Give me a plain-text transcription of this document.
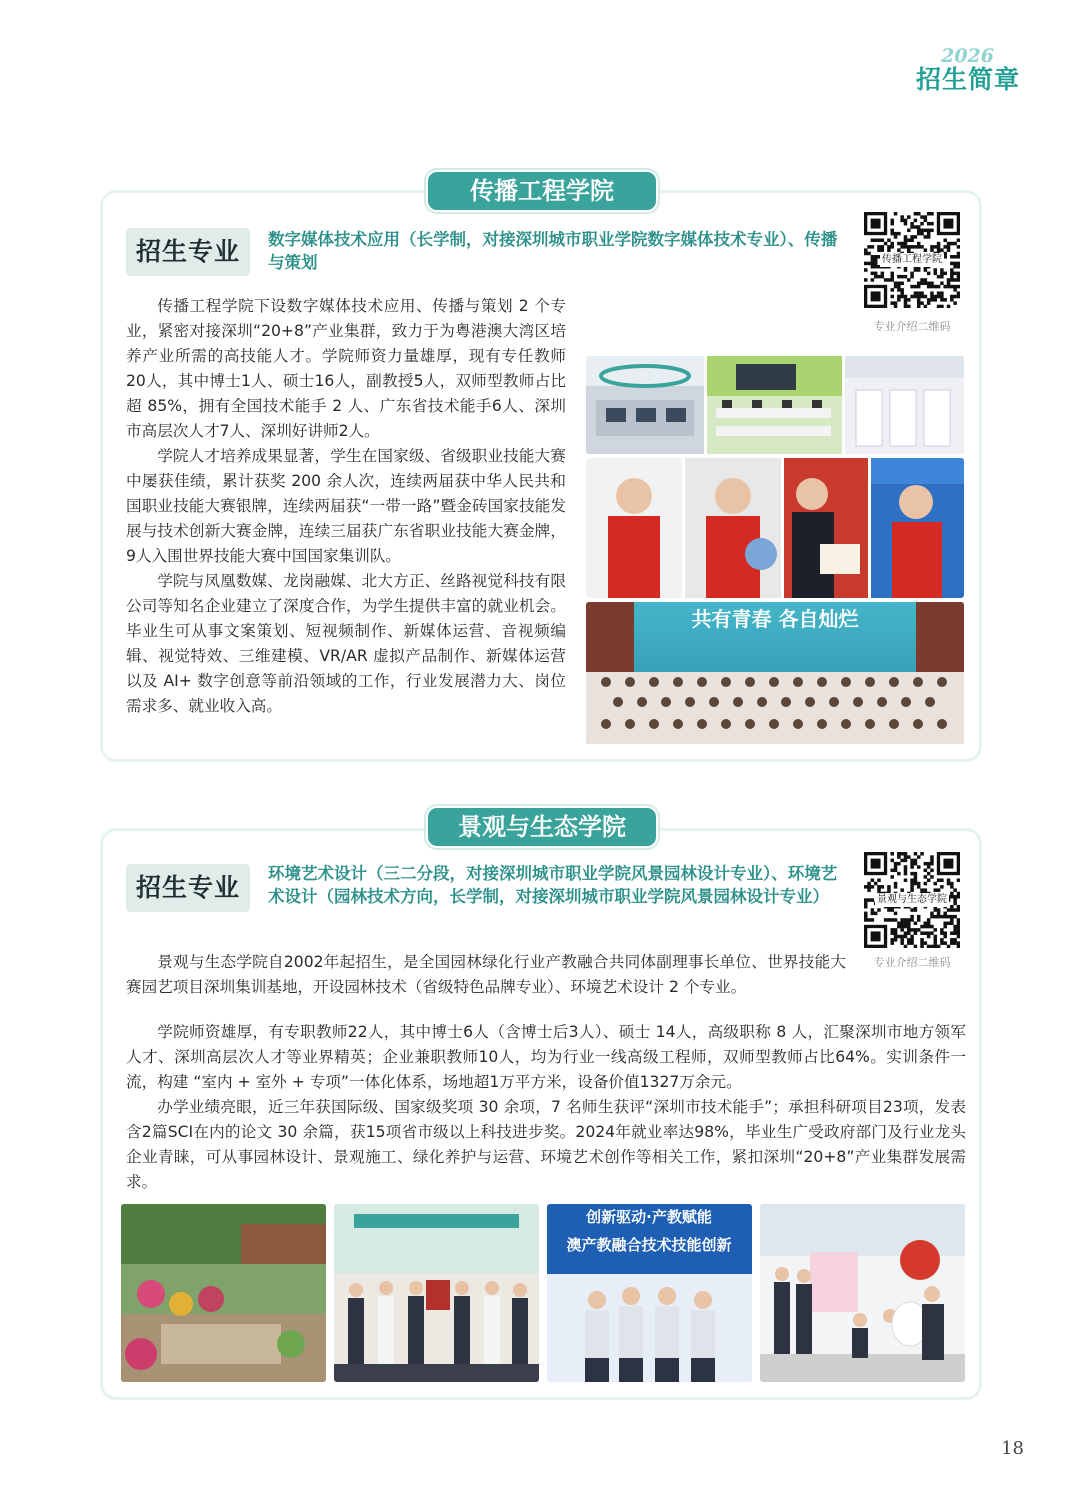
2026
招生简章
传播工程学院
招生专业	数字媒体技术应用（长学制，对接深圳城市职业学院数字媒体技术专业）、传播与策划	传播工程学院
专业介绍二维码

传播工程学院下设数字媒体技术应用、传播与策划 2 个专业，紧密对接深圳“20+8”产业集群，致力于为粤港澳大湾区培养产业所需的高技能人才。学院师资力量雄厚，现有专任教师20人，其中博士1人、硕士16人，副教授5人，双师型教师占比超 85%，拥有全国技术能手 2 人、广东省技术能手6人、深圳市高层次人才7人、深圳好讲师2人。

学院人才培养成果显著，学生在国家级、省级职业技能大赛中屡获佳绩，累计获奖 200 余人次，连续两届获中华人民共和国职业技能大赛银牌，连续两届获“一带一路”暨金砖国家技能发展与技术创新大赛金牌，连续三届获广东省职业技能大赛金牌，9人入围世界技能大赛中国国家集训队。

学院与凤凰数媒、龙岗融媒、北大方正、丝路视觉科技有限公司等知名企业建立了深度合作，为学生提供丰富的就业机会。毕业生可从事文案策划、短视频制作、新媒体运营、音视频编辑、视觉特效、三维建模、VR/AR 虚拟产品制作、新媒体运营以及 AI+ 数字创意等前沿领域的工作，行业发展潜力大、岗位需求多、就业收入高。

共有青春 各自灿烂
景观与生态学院
招生专业	环境艺术设计（三二分段，对接深圳城市职业学院风景园林设计专业）、环境艺术设计（园林技术方向，长学制，对接深圳城市职业学院风景园林设计专业）	景观与生态学院
专业介绍二维码

景观与生态学院自2002年起招生，是全国园林绿化行业产教融合共同体副理事长单位、世界技能大赛园艺项目深圳集训基地，开设园林技术（省级特色品牌专业）、环境艺术设计 2 个专业。

学院师资雄厚，有专职教师22人，其中博士6人（含博士后3人）、硕士 14人，高级职称 8 人，汇聚深圳市地方领军人才、深圳高层次人才等业界精英；企业兼职教师10人，均为行业一线高级工程师，双师型教师占比64%。实训条件一流，构建 “室内 + 室外 + 专项”一体化体系，场地超1万平方米，设备价值1327万余元。

办学业绩亮眼，近三年获国际级、国家级奖项 30 余项，7 名师生获评“深圳市技术能手”；承担科研项目23项，发表含2篇SCI在内的论文 30 余篇，获15项省市级以上科技进步奖。2024年就业率达98%，毕业生广受政府部门及行业龙头企业青睐，可从事园林设计、景观施工、绿化养护与运营、环境艺术创作等相关工作，紧扣深圳“20+8”产业集群发展需求。

创新驱动·产教赋能
澳产教融合技术技能创新
18
